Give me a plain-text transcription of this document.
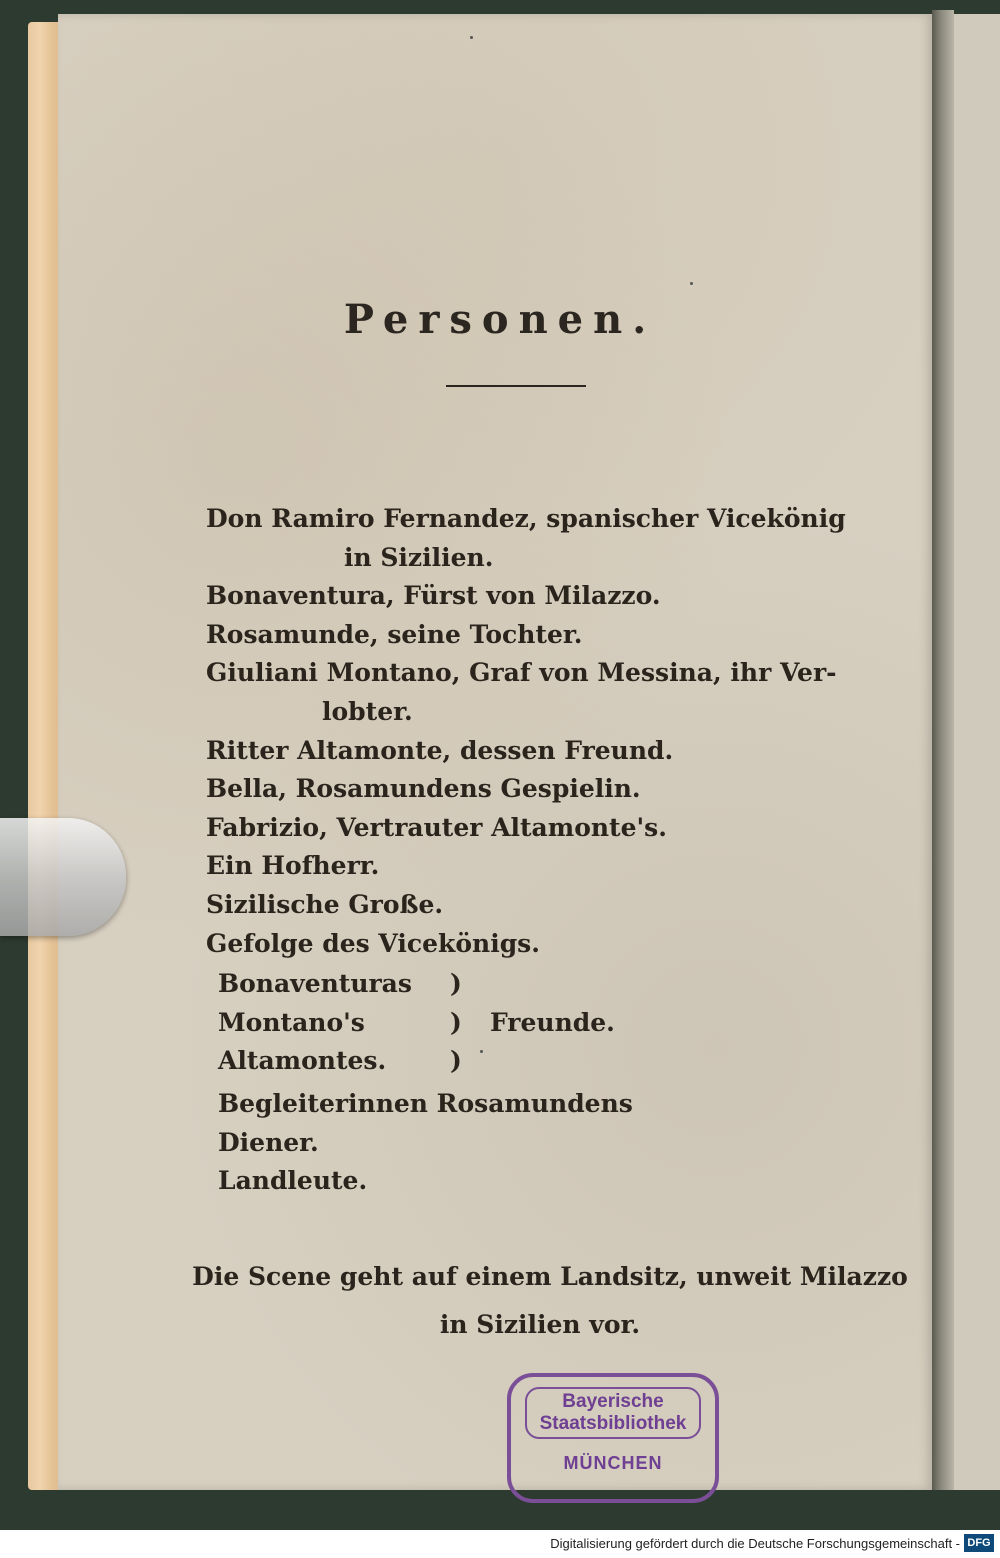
Personen.
Don Ramiro Fernandez, spanischer Vicekönig
in Sizilien.
Bonaventura, Fürst von Milazzo.
Rosamunde, seine Tochter.
Giuliani Montano, Graf von Messina, ihr Ver-
lobter.
Ritter Altamonte, dessen Freund.
Bella, Rosamundens Gespielin.
Fabrizio, Vertrauter Altamonte's.
Ein Hofherr.
Sizilische Große.
Gefolge des Vicekönigs.
Bonaventuras )
Montano's	) Freunde.
Altamontes.	)
Begleiterinnen Rosamundens
Diener.
Landleute.
Die Scene geht auf einem Landsitz, unweit Milazzo
in Sizilien vor.
Bayerische
Staatsbibliothek
MÜNCHEN
Digitalisierung gefördert durch die Deutsche Forschungsgemeinschaft - DFG
